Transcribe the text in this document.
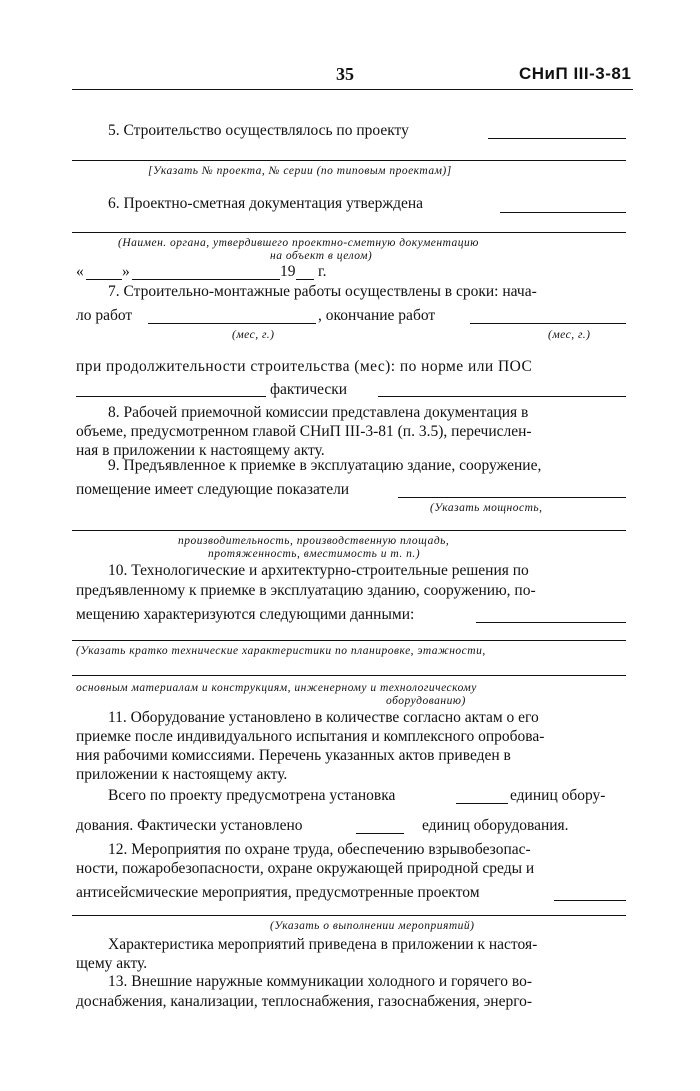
35	СНиП III-3-81
5. Строительство осуществлялось по проекту
[Указать № проекта, № серии (по типовым проектам)]
6. Проектно-сметная документация утверждена
(Наимен. органа, утвердившего проектно-сметную документацию
на объект в целом)
« »	19 г.
7. Строительно-монтажные работы осуществлены в сроки: нача-
ло работ	, окончание работ
(мес, г.)	(мес, г.)
при продолжительности строительства (мес): по норме или ПОС
фактически
8. Рабочей приемочной комиссии представлена документация в
объеме, предусмотренном главой СНиП III-3-81 (п. 3.5), перечислен-
ная в приложении к настоящему акту.
9. Предъявленное к приемке в эксплуатацию здание, сооружение,
помещение имеет следующие показатели
(Указать мощность,
производительность, производственную площадь,
протяженность, вместимость и т. п.)
10. Технологические и архитектурно-строительные решения по
предъявленному к приемке в эксплуатацию зданию, сооружению, по-
мещению характеризуются следующими данными:
(Указать кратко технические характеристики по планировке, этажности,
основным материалам и конструкциям, инженерному и технологическому
оборудованию)
11. Оборудование установлено в количестве согласно актам о его
приемке после индивидуального испытания и комплексного опробова-
ния рабочими комиссиями. Перечень указанных актов приведен в
приложении к настоящему акту.
Всего по проекту предусмотрена установка	единиц обору-
дования. Фактически установлено	единиц оборудования.
12. Мероприятия по охране труда, обеспечению взрывобезопас-
ности, пожаробезопасности, охране окружающей природной среды и
антисейсмические мероприятия, предусмотренные проектом
(Указать о выполнении мероприятий)
Характеристика мероприятий приведена в приложении к настоя-
щему акту.
13. Внешние наружные коммуникации холодного и горячего во-
доснабжения, канализации, теплоснабжения, газоснабжения, энерго-
